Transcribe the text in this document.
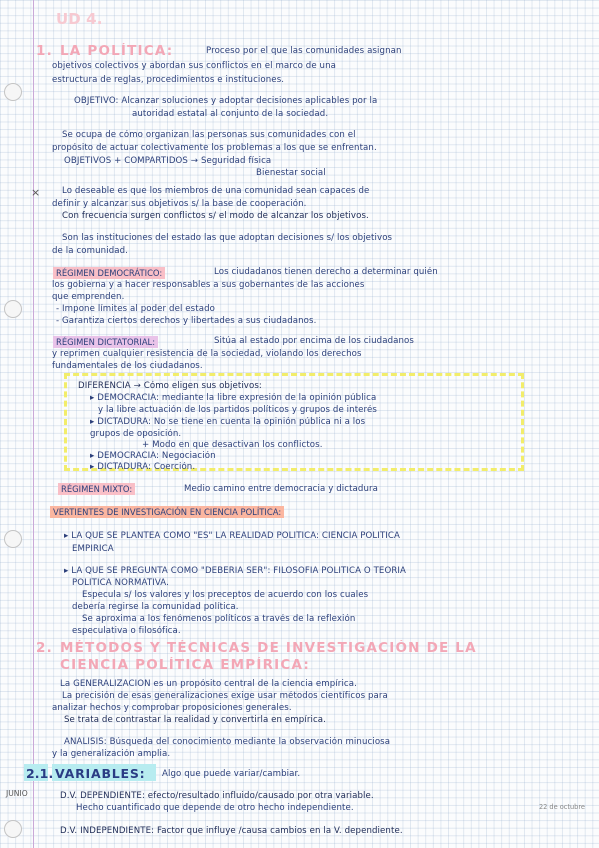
×
UD 4.
1. LA POLÍTICA:	Proceso por el que las comunidades asignan
objetivos colectivos y abordan sus conflictos en el marco de una
estructura de reglas, procedimientos e instituciones.
OBJETIVO: Alcanzar soluciones y adoptar decisiones aplicables por la
autoridad estatal al conjunto de la sociedad.
Se ocupa de cómo organizan las personas sus comunidades con el
propósito de actuar colectivamente los problemas a los que se enfrentan.
OBJETIVOS + COMPARTIDOS → Seguridad física
Bienestar social
Lo deseable es que los miembros de una comunidad sean capaces de
definir y alcanzar sus objetivos s/ la base de cooperación.
Con frecuencia surgen conflictos s/ el modo de alcanzar los objetivos.
Son las instituciones del estado las que adoptan decisiones s/ los objetivos
de la comunidad.
RÉGIMEN DEMOCRÁTICO:	Los ciudadanos tienen derecho a determinar quién
los gobierna y a hacer responsables a sus gobernantes de las acciones
que emprenden.
- Impone límites al poder del estado
- Garantiza ciertos derechos y libertades a sus ciudadanos.
RÉGIMEN DICTATORIAL:	Sitúa al estado por encima de los ciudadanos
y reprimen cualquier resistencia de la sociedad, violando los derechos
fundamentales de los ciudadanos.
DIFERENCIA → Cómo eligen sus objetivos:
▸ DEMOCRACIA: mediante la libre expresión de la opinión pública
y la libre actuación de los partidos políticos y grupos de interés
▸ DICTADURA: No se tiene en cuenta la opinión pública ni a los
grupos de oposición.
+ Modo en que desactivan los conflictos.
▸ DEMOCRACIA: Negociación
▸ DICTADURA: Coerción.
RÉGIMEN MIXTO:	Medio camino entre democracia y dictadura
VERTIENTES DE INVESTIGACIÓN EN CIENCIA POLÍTICA:
▸ LA QUE SE PLANTEA CÓMO "ES" LA REALIDAD POLÍTICA: CIENCIA POLÍTICA
EMPÍRICA
▸ LA QUE SE PREGUNTA CÓMO "DEBERÍA SER": FILOSOFÍA POLÍTICA O TEORÍA
POLÍTICA NORMATIVA.
Especula s/ los valores y los preceptos de acuerdo con los cuales
debería regirse la comunidad política.
Se aproxima a los fenómenos políticos a través de la reflexión
especulativa o filosófica.
2. MÉTODOS Y TÉCNICAS DE INVESTIGACIÓN DE LA
CIENCIA POLÍTICA EMPÍRICA:
La GENERALIZACIÓN es un propósito central de la ciencia empírica.
La precisión de esas generalizaciones exige usar métodos científicos para
analizar hechos y comprobar proposiciones generales.
Se trata de contrastar la realidad y convertirla en empírica.
ANÁLISIS: Búsqueda del conocimiento mediante la observación minuciosa
y la generalización amplia.
2.1. VARIABLES: Algo que puede variar/cambiar.
JUNIO	D.V. DEPENDIENTE: efecto/resultado influido/causado por otra variable.
Hecho cuantificado que depende de otro hecho independiente.	22 de octubre
D.V. INDEPENDIENTE: Factor que influye /causa cambios en la V. dependiente.
